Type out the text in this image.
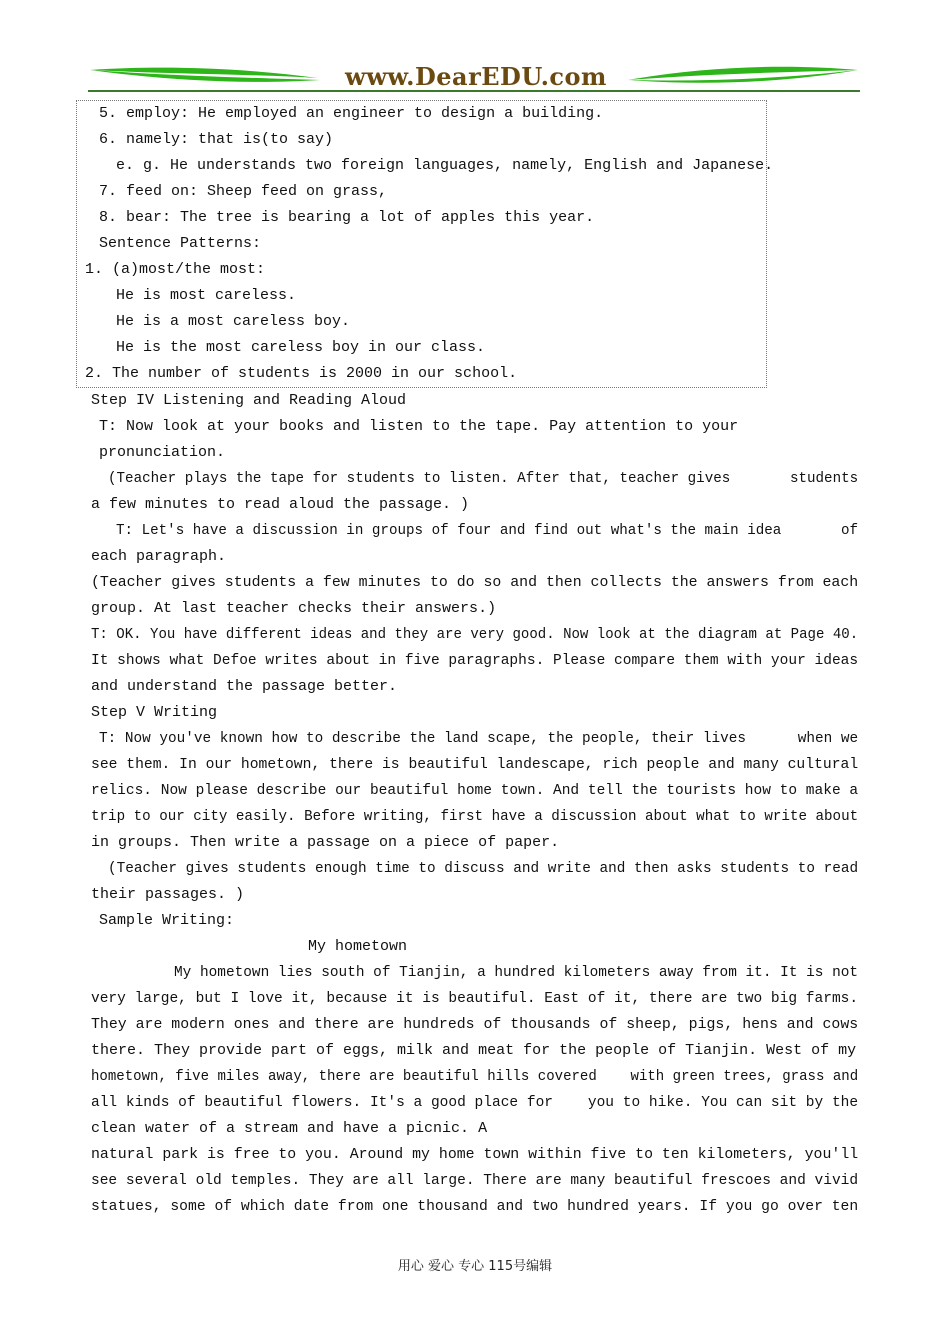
www.DearEDU.com
5. employ: He employed an engineer to design a building.
6. namely: that is(to say)
e. g. He understands two foreign languages, namely, English and Japanese.
7. feed on: Sheep feed on grass,
8. bear: The tree is bearing a lot of apples this year.
Sentence Patterns:
1. (a)most/the most:
He is most careless.
He is a most careless boy.
He is the most careless boy in our class.
2. The number of students is 2000 in our school.
Step IV Listening and Reading Aloud
T: Now look at your books and listen to the tape. Pay attention to your
pronunciation.
(Teacher plays the tape for students to listen. After that, teacher gives       students
a few minutes to read aloud the passage. )
T: Let's have a discussion in groups of four and find out what's the main idea       of
each paragraph.
(Teacher gives students a few minutes to do so and then collects the answers from each
group. At last teacher checks their answers.)
T: OK. You have different ideas and they are very good. Now look at the diagram at Page 40.
It shows what Defoe writes about in five paragraphs. Please compare them with your ideas
and understand the passage better.
Step V Writing
T: Now you've known how to describe the land scape, the people, their lives      when we
see them. In our hometown, there is beautiful landescape, rich people and many cultural
relics. Now please describe our beautiful home town. And tell the tourists how to make a
trip to our city easily. Before writing, first have a discussion about what to write about
in groups. Then write a passage on a piece of paper.
(Teacher gives students enough time to discuss and write and then asks students to read
their passages. )
Sample Writing:
My hometown
My hometown lies south of Tianjin, a hundred kilometers away from it. It is not
very large, but I love it, because it is beautiful. East of it, there are two big farms.
They are modern ones and there are hundreds of thousands of sheep, pigs, hens and cows
there. They provide part of eggs, milk and meat for the people of Tianjin. West of my
hometown, five miles away, there are beautiful hills covered    with green trees, grass and
all kinds of beautiful flowers. It's a good place for    you to hike. You can sit by the
clean water of a stream and have a picnic. A
natural park is free to you. Around my home town within five to ten kilometers, you'll
see several old temples. They are all large. There are many beautiful frescoes and vivid
statues, some of which date from one thousand and two hundred years. If you go over ten
用心 爱心 专心 115号编辑
